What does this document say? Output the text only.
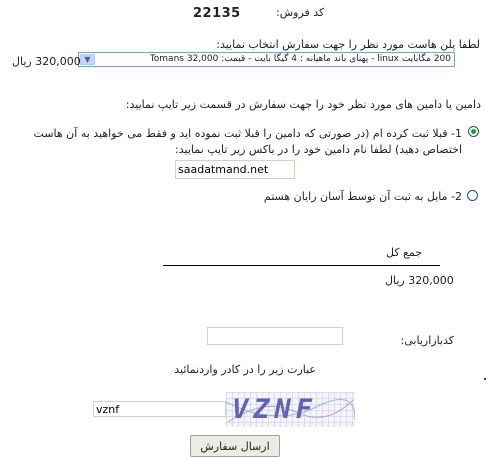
کد فروش:
22135
لطفا پلن هاست مورد نظر را جهت سفارش انتخاب نمایید:
▼	200 مگابایت linux - پهنای باند ماهیانه : 4 گیگا بایت - قیمت: Tomans 32,000
320,000 ریال
دامین یا دامین های مورد نظر خود را جهت سفارش در قسمت زیر تایپ نمایید:
1- قبلا ثبت کرده ام (در صورتی که دامین را قبلا ثبت نموده اید و فقط می خواهید به آن هاست اختصاص دهید) لطفا نام دامین خود را در باکس زیر تایپ نمایید:
saadatmand.net
2- مایل به ثبت آن توسط آسان رایان هستم
جمع کل
320,000 ریال
کدبازاریابی:
عبارت زیر را در کادر واردنمائید
vznf
VZNF
ارسال سفارش
